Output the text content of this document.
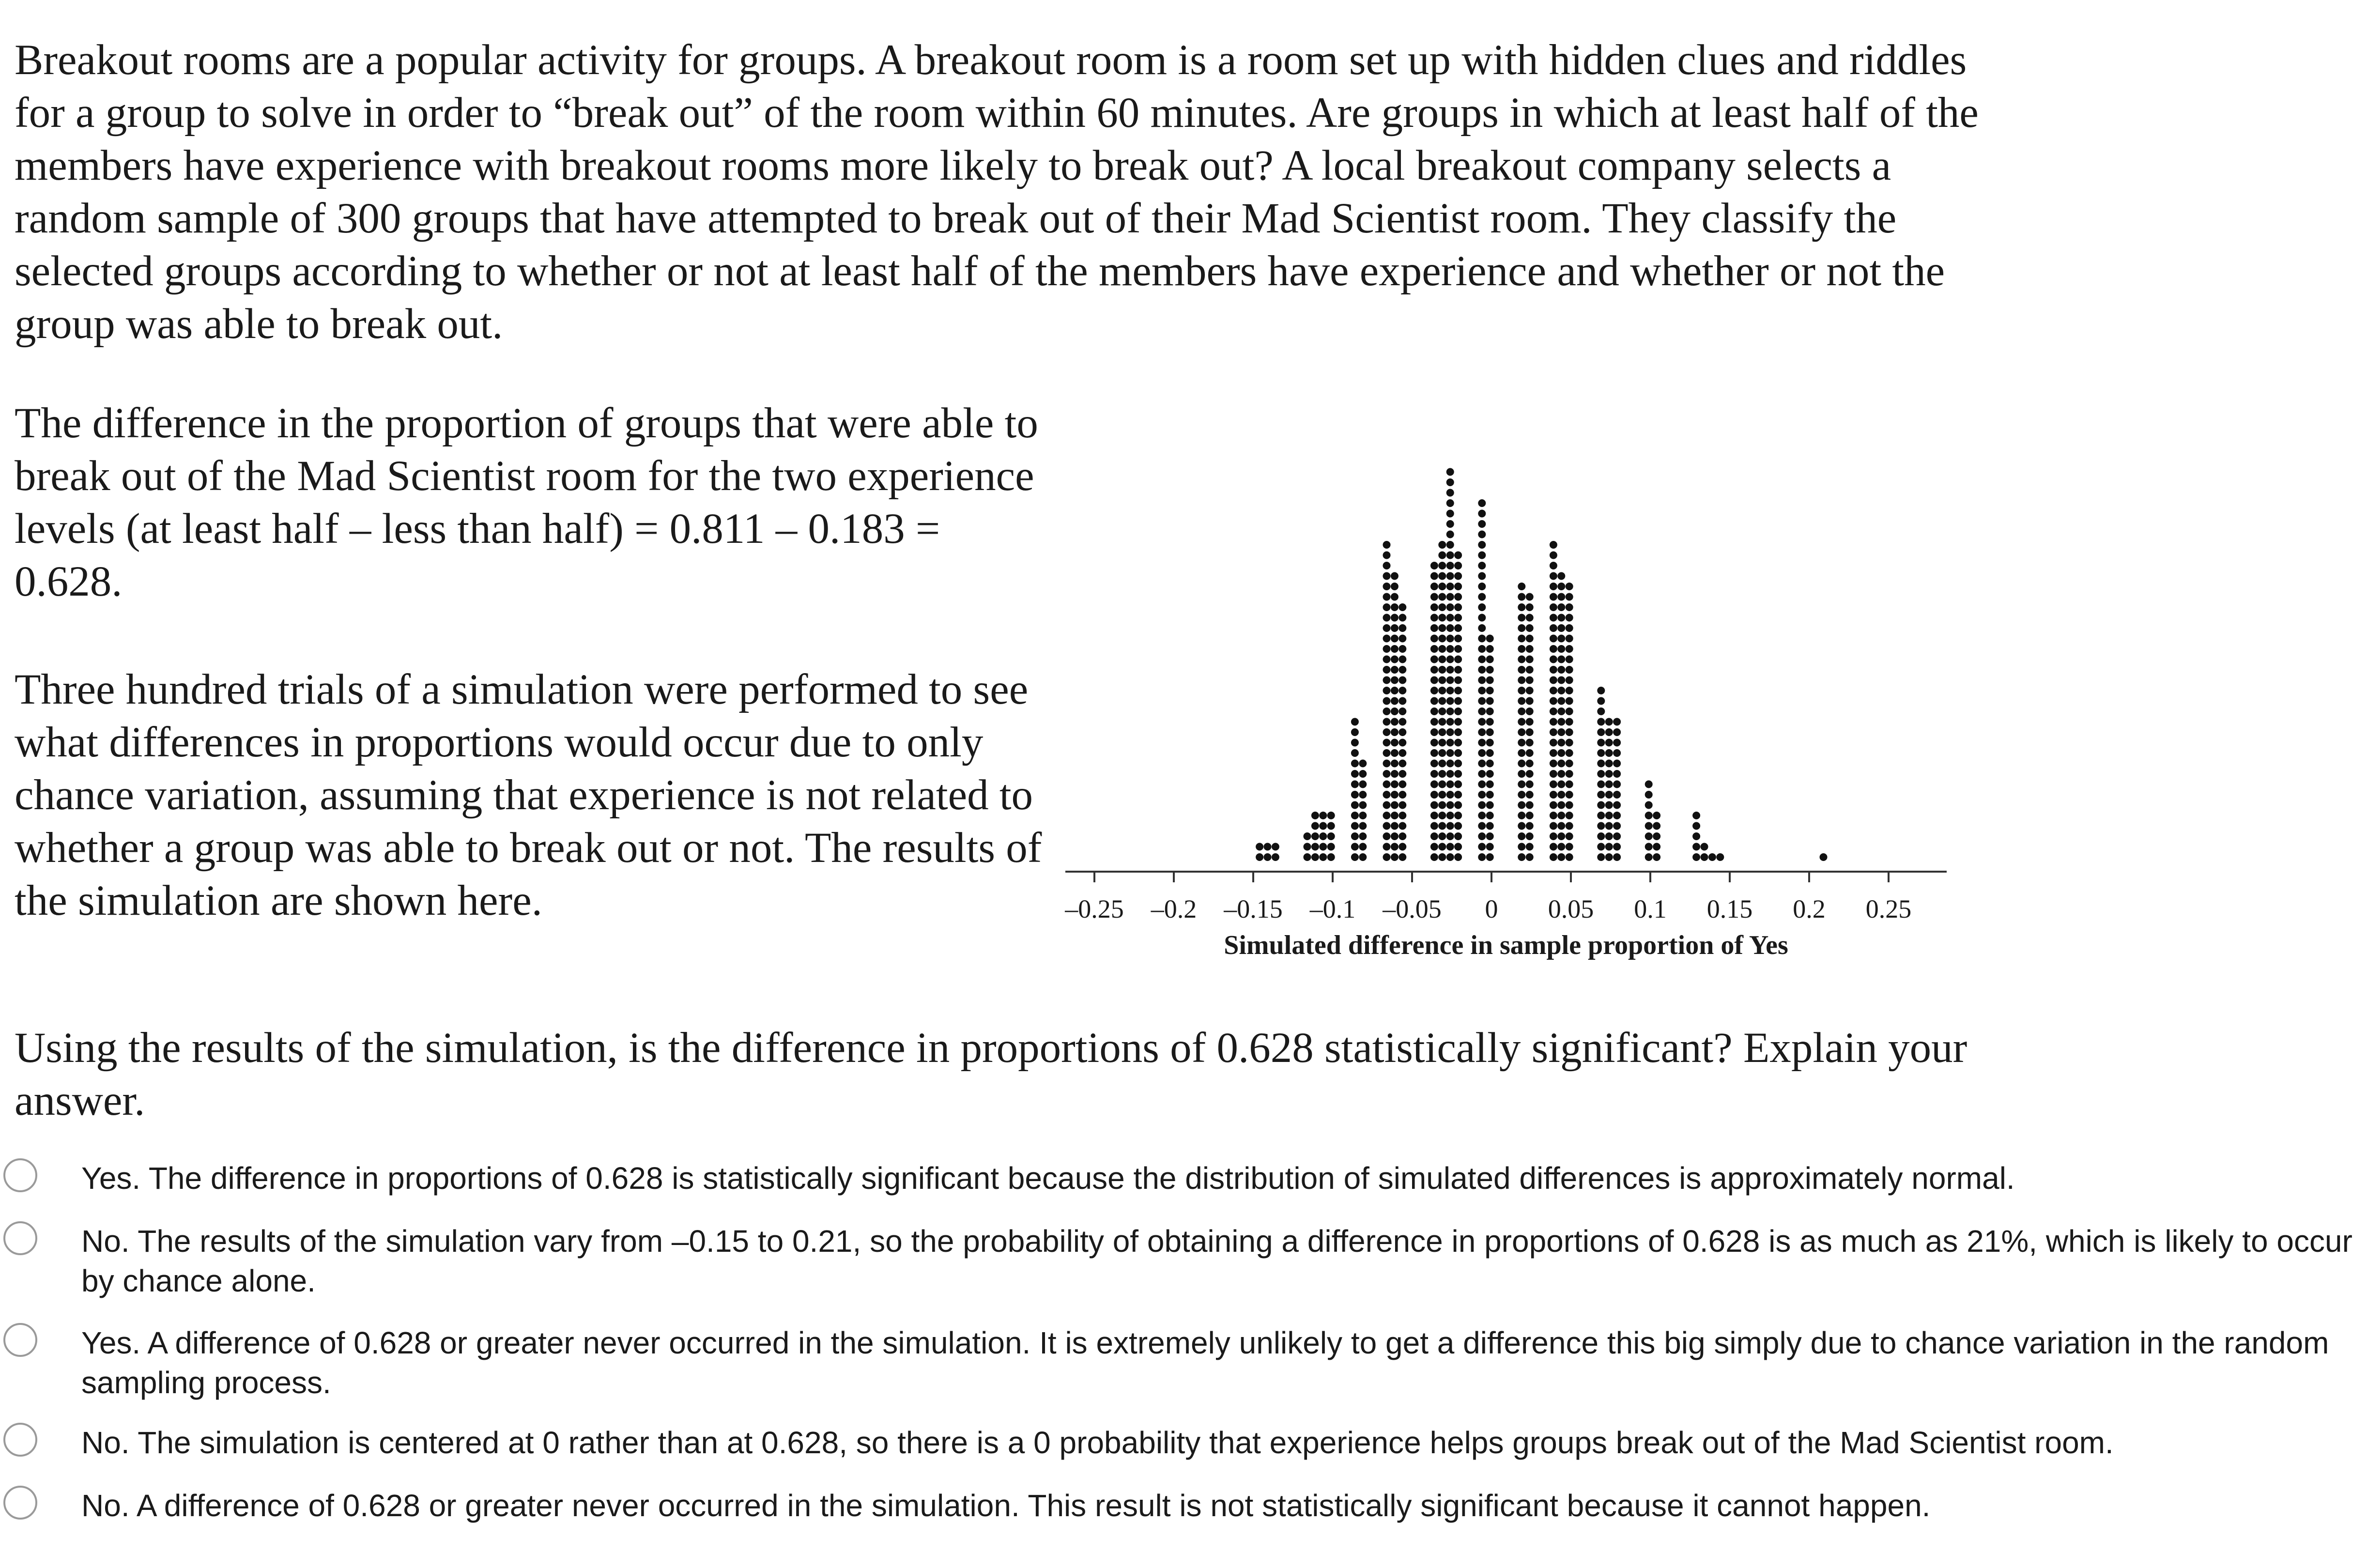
Breakout rooms are a popular activity for groups. A breakout room is a room set up with hidden clues and riddles for a group to solve in order to “break out” of the room within 60 minutes. Are groups in which at least half of the members have experience with breakout rooms more likely to break out? A local breakout company selects a random sample of 300 groups that have attempted to break out of their Mad Scientist room. They classify the selected groups according to whether or not at least half of the members have experience and whether or not the group was able to break out.

The difference in the proportion of groups that were able to break out of the Mad Scientist room for the two experience levels (at least half – less than half) = 0.811 – 0.183 = 0.628.

Three hundred trials of a simulation were performed to see what differences in proportions would occur due to only chance variation, assuming that experience is not related to whether a group was able to break out or not. The results of the simulation are shown here.	–0.25 –0.2 –0.15 –0.1 –0.05 0 0.05 0.1 0.15 0.2 0.25
Simulated difference in sample proportion of Yes

Using the results of the simulation, is the difference in proportions of 0.628 statistically significant? Explain your answer.

Yes. The difference in proportions of 0.628 is statistically significant because the distribution of simulated differences is approximately normal.

No. The results of the simulation vary from –0.15 to 0.21, so the probability of obtaining a difference in proportions of 0.628 is as much as 21%, which is likely to occur by chance alone.

Yes. A difference of 0.628 or greater never occurred in the simulation. It is extremely unlikely to get a difference this big simply due to chance variation in the random sampling process.

No. The simulation is centered at 0 rather than at 0.628, so there is a 0 probability that experience helps groups break out of the Mad Scientist room.

No. A difference of 0.628 or greater never occurred in the simulation. This result is not statistically significant because it cannot happen.
